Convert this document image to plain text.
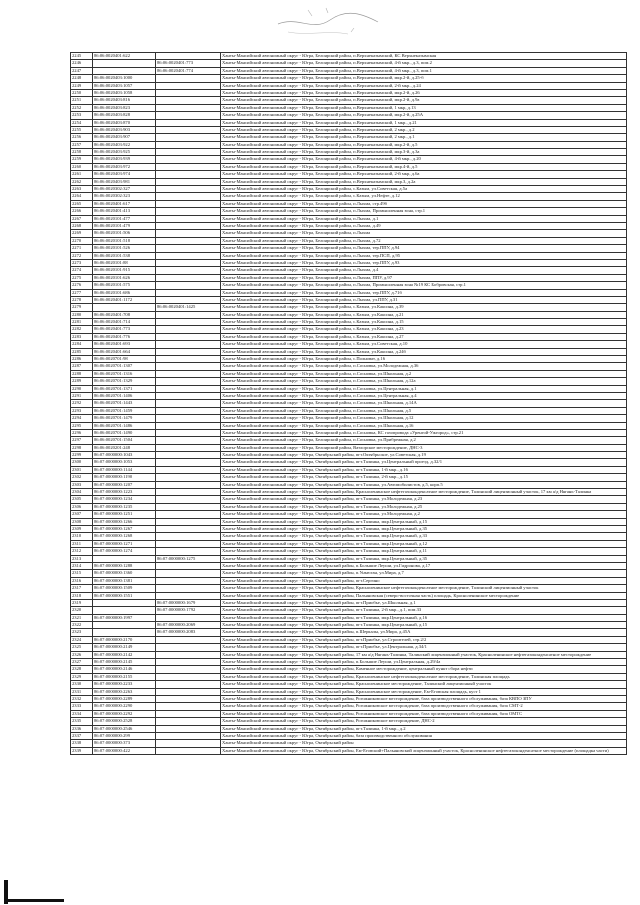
2245	86:06:0020401:622		Ханты-Мансийский автономный округ - Югра, Белоярский район, п.Верхнеказымский, КС Верхнеказымская
2246		86:06:0020401:773	Ханты-Мансийский автономный округ - Югра, Белоярский район, п.Верхнеказымский, 4-й мкр., д.3, пом.2
2247		86:06:0020401:774	Ханты-Мансийский автономный округ - Югра, Белоярский район, п.Верхнеказымский, 4-й мкр., д.3, пом.1
2248	86:06:0020403:1000		Ханты-Мансийский автономный округ - Югра, Белоярский район, п.Верхнеказымский, мкр.2-й, д.25-б
2249	86:06:0020403:1057		Ханты-Мансийский автономный округ - Югра, Белоярский район, п.Верхнеказымский, 2-й мкр., д.24
2250	86:06:0020403:1058		Ханты-Мансийский автономный округ - Югра, Белоярский район, п.Верхнеказымский, мкр.2-й, д.26
2251	86:06:0020403:816		Ханты-Мансийский автономный округ - Югра, Белоярский район, п.Верхнеказымский, мкр.2-й, д.9а
2252	86:06:0020403:823		Ханты-Мансийский автономный округ - Югра, Белоярский район, п.Верхнеказымский, 1 мкр, д.13
2253	86:06:0020403:828		Ханты-Мансийский автономный округ - Югра, Белоярский район, п.Верхнеказымский, мкр.2-й, д.25А
2254	86:06:0020403:870		Ханты-Мансийский автономный округ - Югра, Белоярский район, п.Верхнеказымский, 1 мкр., д.21
2255	86:06:0020403:903		Ханты-Мансийский автономный округ - Югра, Белоярский район, п.Верхнеказымский, 2 мкр., д.2
2256	86:06:0020403:907		Ханты-Мансийский автономный округ - Югра, Белоярский район, п.Верхнеказымский, 2 мкр., д.1
2257	86:06:0020403:922		Ханты-Мансийский автономный округ - Югра, Белоярский район, п.Верхнеказымский, мкр.2-й, д.5
2258	86:06:0020403:925		Ханты-Мансийский автономный округ - Югра, Белоярский район, п.Верхнеказымский, мкр.3-й, д.3а
2259	86:06:0020403:939		Ханты-Мансийский автономный округ - Югра, Белоярский район, п.Верхнеказымский, 4-й мкр., д.20
2260	86:06:0020403:972		Ханты-Мансийский автономный округ - Югра, Белоярский район, п.Верхнеказымский, мкр.4-й, д.5
2261	86:06:0020403:974		Ханты-Мансийский автономный округ - Югра, Белоярский район, п.Верхнеказымский, 2-й мкр, д.6а
2262	86:06:0020403:981		Ханты-Мансийский автономный округ - Югра, Белоярский район, п.Верхнеказымский, мкр.3, д.2а
2263	86:06:0020302:327		Ханты-Мансийский автономный округ - Югра, Белоярский район, с.Казым, ул.Советская, д.5а
2264	86:06:0020302:323		Ханты-Мансийский автономный округ - Югра, Белоярский район, с.Казым, ул.Нефте, д.12
2265	86:06:0020401:617		Ханты-Мансийский автономный округ - Югра, Белоярский район, п.Лыхма, стр.49б
2266	86:06:0020401:413		Ханты-Мансийский автономный округ - Югра, Белоярский район, п.Лыхма, Промышленная зона, стр.1
2267	86:06:0020101:477		Ханты-Мансийский автономный округ - Югра, Белоярский район, п.Лыхма, д.1
2268	86:06:0020101:479		Ханты-Мансийский автономный округ - Югра, Белоярский район, п.Лыхма, д.49
2269	86:06:0020101:506		Ханты-Мансийский автономный округ - Югра, Белоярский район, п.Лыхма
2270	86:06:0020101:518		Ханты-Мансийский автономный округ - Югра, Белоярский район, п.Лыхма, д.72
2271	86:06:0020101:526		Ханты-Мансийский автономный округ - Югра, Белоярский район, п.Лыхма, тер.ППУ, д.94
2272	86:06:0020101:538		Ханты-Мансийский автономный округ - Югра, Белоярский район, п.Лыхма, тер.ПСП, д.95
2273	86:06:0020101:88		Ханты-Мансийский автономный округ - Югра, Белоярский район, п.Лыхма, тер.ППУ, д.93
2274	86:06:0020101:915		Ханты-Мансийский автономный округ - Югра, Белоярский район, п.Лыхма, д.4
2275	86:06:0020101:626		Ханты-Мансийский автономный округ - Югра, Белоярский район, п.Лыхма, ППУ, д.97
2276	86:06:0020101:575		Ханты-Мансийский автономный округ - Югра, Белоярский район, п.Лыхма, Промышленная зона №19 КС Бобровская, стр.1
2277	86:06:0020101:686		Ханты-Мансийский автономный округ - Югра, Белоярский район, п.Лыхма, тер.ППУ, д.71б
2278	86:06:0020401:1172		Ханты-Мансийский автономный округ - Югра, Белоярский район, п.Лыхма, ул.ППУ, д.31
2279		86:06:0020401:1425	Ханты-Мансийский автономный округ - Югра, Белоярский район, с.Казым, ул.Каксина, д.39
2280	86:06:0020401:708		Ханты-Мансийский автономный округ - Югра, Белоярский район, с.Казым, ул.Каксина, д.21
2281	86:06:0020401:714		Ханты-Мансийский автономный округ - Югра, Белоярский район, с.Казым, ул.Каксина, д.15
2282	86:06:0020401:773		Ханты-Мансийский автономный округ - Югра, Белоярский район, с.Казым, ул.Каксина, д.23
2283	86:06:0020401:776		Ханты-Мансийский автономный округ - Югра, Белоярский район, с.Казым, ул.Каксина, д.27
2284	86:06:0020401:693		Ханты-Мансийский автономный округ - Югра, Белоярский район, с.Казым, ул.Советская, д.10
2285	86:06:0020401:664		Ханты-Мансийский автономный округ - Югра, Белоярский район, с.Казым, ул.Каксина, д.24б
2286	86:06:0020701:98		Ханты-Мансийский автономный округ - Югра, Белоярский район, с.Полноват, д.16
2287	86:06:0020701:1307		Ханты-Мансийский автономный округ - Югра, Белоярский район, п.Сосновка, ул.Молодежная, д.36
2288	86:06:0020701:1316		Ханты-Мансийский автономный округ - Югра, Белоярский район, п.Сосновка, ул.Школьная, д.2
2289	86:06:0020701:1329		Ханты-Мансийский автономный округ - Югра, Белоярский район, п.Сосновка, ул.Школьная, д.12а
2290	86:06:0020701:1371		Ханты-Мансийский автономный округ - Югра, Белоярский район, п.Сосновка, ул.Центральная, д.1
2291	86:06:0020701:1406		Ханты-Мансийский автономный округ - Югра, Белоярский район, п.Сосновка, ул.Центральная, д.4
2292	86:06:0020701:1443		Ханты-Мансийский автономный округ - Югра, Белоярский район, п.Сосновка, ул.Школьная, д.14А
2293	86:06:0020701:1459		Ханты-Мансийский автономный округ - Югра, Белоярский район, п.Сосновка, ул.Школьная, д.5
2294	86:06:0020701:1479		Ханты-Мансийский автономный округ - Югра, Белоярский район, п.Сосновка, ул.Школьная, д.12
2295	86:06:0020701:1486		Ханты-Мансийский автономный округ - Югра, Белоярский район, п.Сосновка, ул.Школьная, д.16
2296	86:06:0020701:1490		Ханты-Мансийский автономный округ - Югра, Белоярский район, п.Сосновка, КС газопровода «Уренгой-Ужгород», стр.21
2297	86:06:0020701:1504		Ханты-Мансийский автономный округ - Югра, Белоярский район, п.Сосновка, ул.Прибрежная, д.2
2298	86:06:0020201:248		Ханты-Мансийский автономный округ - Югра, Белоярский район, Ватлорское месторождение, ДНС-3
2299	86:07:0000000:1043		Ханты-Мансийский автономный округ - Югра, Октябрьский район, пгт.Октябрьское, ул.Советская, д.19
2300	86:07:0000000:1053		Ханты-Мансийский автономный округ - Югра, Октябрьский район, пгт.Талинка, ул.Центральный проезд, д.32/1
2301	86:07:0000000:1144		Ханты-Мансийский автономный округ - Югра, Октябрьский район, пгт.Талинка, 1-й мкр., д.16
2302	86:07:0000000:1190		Ханты-Мансийский автономный округ - Югра, Октябрьский район, пгт.Талинка, 2-й мкр., д.15
2303	86:07:0000000:1207		Ханты-Мансийский автономный округ - Югра, Октябрьский район, пгт.Талинка, ул.Автомобилистов, д.5, корп.5
2304	86:07:0000000:1223		Ханты-Мансийский автономный округ - Югра, Октябрьский район, Красноленинское нефтегазоконденсатное месторождение, Талинский лицензионный участок, 17 км а/д Нягань-Талинка
2305	86:07:0000000:1234		Ханты-Мансийский автономный округ - Югра, Октябрьский район, пгт.Талинка, ул.Молодежная, д.23
2306	86:07:0000000:1235		Ханты-Мансийский автономный округ - Югра, Октябрьский район, пгт.Талинка, ул.Молодежная, д.25
2307	86:07:0000000:1251		Ханты-Мансийский автономный округ - Югра, Октябрьский район, пгт.Талинка, ул.Молодежная, д.2
2308	86:07:0000000:1266		Ханты-Мансийский автономный округ - Югра, Октябрьский район, пгт.Талинка, мкр.Центральный, д.15
2309	86:07:0000000:1267		Ханты-Мансийский автономный округ - Югра, Октябрьский район, пгт.Талинка, мкр.Центральный, д.35
2310	86:07:0000000:1268		Ханты-Мансийский автономный округ - Югра, Октябрьский район, пгт.Талинка, мкр.Центральный, д.33
2311	86:07:0000000:1271		Ханты-Мансийский автономный округ - Югра, Октябрьский район, пгт.Талинка, мкр.Центральный, д.12
2312	86:07:0000000:1274		Ханты-Мансийский автономный округ - Югра, Октябрьский район, пгт.Талинка, мкр.Центральный, д.11
2313		86:07:0000000:1275	Ханты-Мансийский автономный округ - Югра, Октябрьский район, пгт.Талинка, мкр.Центральный, д.35
2314	86:07:0000000:1288		Ханты-Мансийский автономный округ - Югра, Октябрьский район, п.Большие Леуши, ул.Гидронова, д.17
2315	86:07:0000000:1360		Ханты-Мансийский автономный округ - Югра, Октябрьский район, п.Унъюган, ул.Мира, д.7
2316	86:07:0000000:1381		Ханты-Мансийский автономный округ - Югра, Октябрьский район, пгт.Сергино
2317	86:07:0000000:1509		Ханты-Мансийский автономный округ - Югра, Октябрьский район, Красноленинское нефтегазоконденсатное месторождение, Талинский лицензионный участок
2318	86:07:0000000:1551		Ханты-Мансийский автономный округ - Югра, Октябрьский район, Пальяновская (северо-восточная часть) площадь, Красноленинское месторождение
2319		86:07:0000000:1679	Ханты-Мансийский автономный округ - Югра, Октябрьский район, пгт.Приобье, ул.Школьная, д.1
2320		86:07:0000000:1792	Ханты-Мансийский автономный округ - Югра, Октябрьский район, пгт.Талинка, 2-й мкр., д.1, пом.33
2321	86:07:0000000:1997		Ханты-Мансийский автономный округ - Югра, Октябрьский район, пгт.Талинка, мкр.Центральный, д.16
2322		86:07:0000000:2069	Ханты-Мансийский автономный округ - Югра, Октябрьский район, пгт.Талинка, мкр.Центральный, д.15
2323		86:07:0000000:2083	Ханты-Мансийский автономный округ - Югра, Октябрьский район, п.Шеркалы, ул.Мира, д.45А
2324	86:07:0000000:2170		Ханты-Мансийский автономный округ - Югра, Октябрьский район, пгт.Приобье, ул.Строителей, стр.2/2
2325	86:07:0000000:2149		Ханты-Мансийский автономный округ - Югра, Октябрьский район, пгт.Приобье, ул.Центральная, д.34/1
2326	86:07:0000000:2142		Ханты-Мансийский автономный округ - Югра, Октябрьский район, 17 км а/д Нягань-Талинка, Талинский лицензионный участок, Красноленинское нефтегазоконденсатное месторождение
2327	86:07:0000000:2145		Ханты-Мансийский автономный округ - Югра, Октябрьский район, п.Большие Леуши, ул.Центральная, д.29/4а
2328	86:07:0000000:2146		Ханты-Мансийский автономный округ - Югра, Октябрьский район, Каменное месторождение, центральный пункт сбора нефти
2329	86:07:0000000:2155		Ханты-Мансийский автономный округ - Югра, Октябрьский район, Красноленинское нефтегазоконденсатное месторождение, Талинская площадь
2330	86:07:0000000:2233		Ханты-Мансийский автономный округ - Югра, Октябрьский район, Красноленинское месторождение, Талинский лицензионный участок
2331	86:07:0000000:2263		Ханты-Мансийский автономный округ - Югра, Октябрьский район, Красноленинское месторождение, Ем-Еговская площадь, куст 1
2332	86:07:0000000:2289		Ханты-Мансийский автономный округ - Югра, Октябрьский район, Рогожниковское месторождение, база производственного обслуживания, база КВПО ЗПУ
2333	86:07:0000000:2290		Ханты-Мансийский автономный округ - Югра, Октябрьский район, Рогожниковское месторождение, база производственного обслуживания, база СМТ-2
2334	86:07:0000000:2292		Ханты-Мансийский автономный округ - Югра, Октябрьский район, Рогожниковское месторождение, база производственного обслуживания, база ОМТС
2335	86:07:0000000:2528		Ханты-Мансийский автономный округ - Югра, Октябрьский район, Рогожниковское месторождение, ДНС-2
2336	86:07:0000000:2546		Ханты-Мансийский автономный округ - Югра, Октябрьский район, пгт.Талинка, 1-й мкр., д.2
2337	86:07:0000000:299		Ханты-Мансийский автономный округ - Югра, Октябрьский район, база производственного обслуживания
2338	86:07:0000000:373		Ханты-Мансийский автономный округ - Югра, Октябрьский район
2339	86:07:0000000:422		Ханты-Мансийский автономный округ - Югра, Октябрьский район, Ем-Еговский+Пальяновский лицензионный участок, Красноленинское нефтегазоконденсатное месторождение (площадка части)
